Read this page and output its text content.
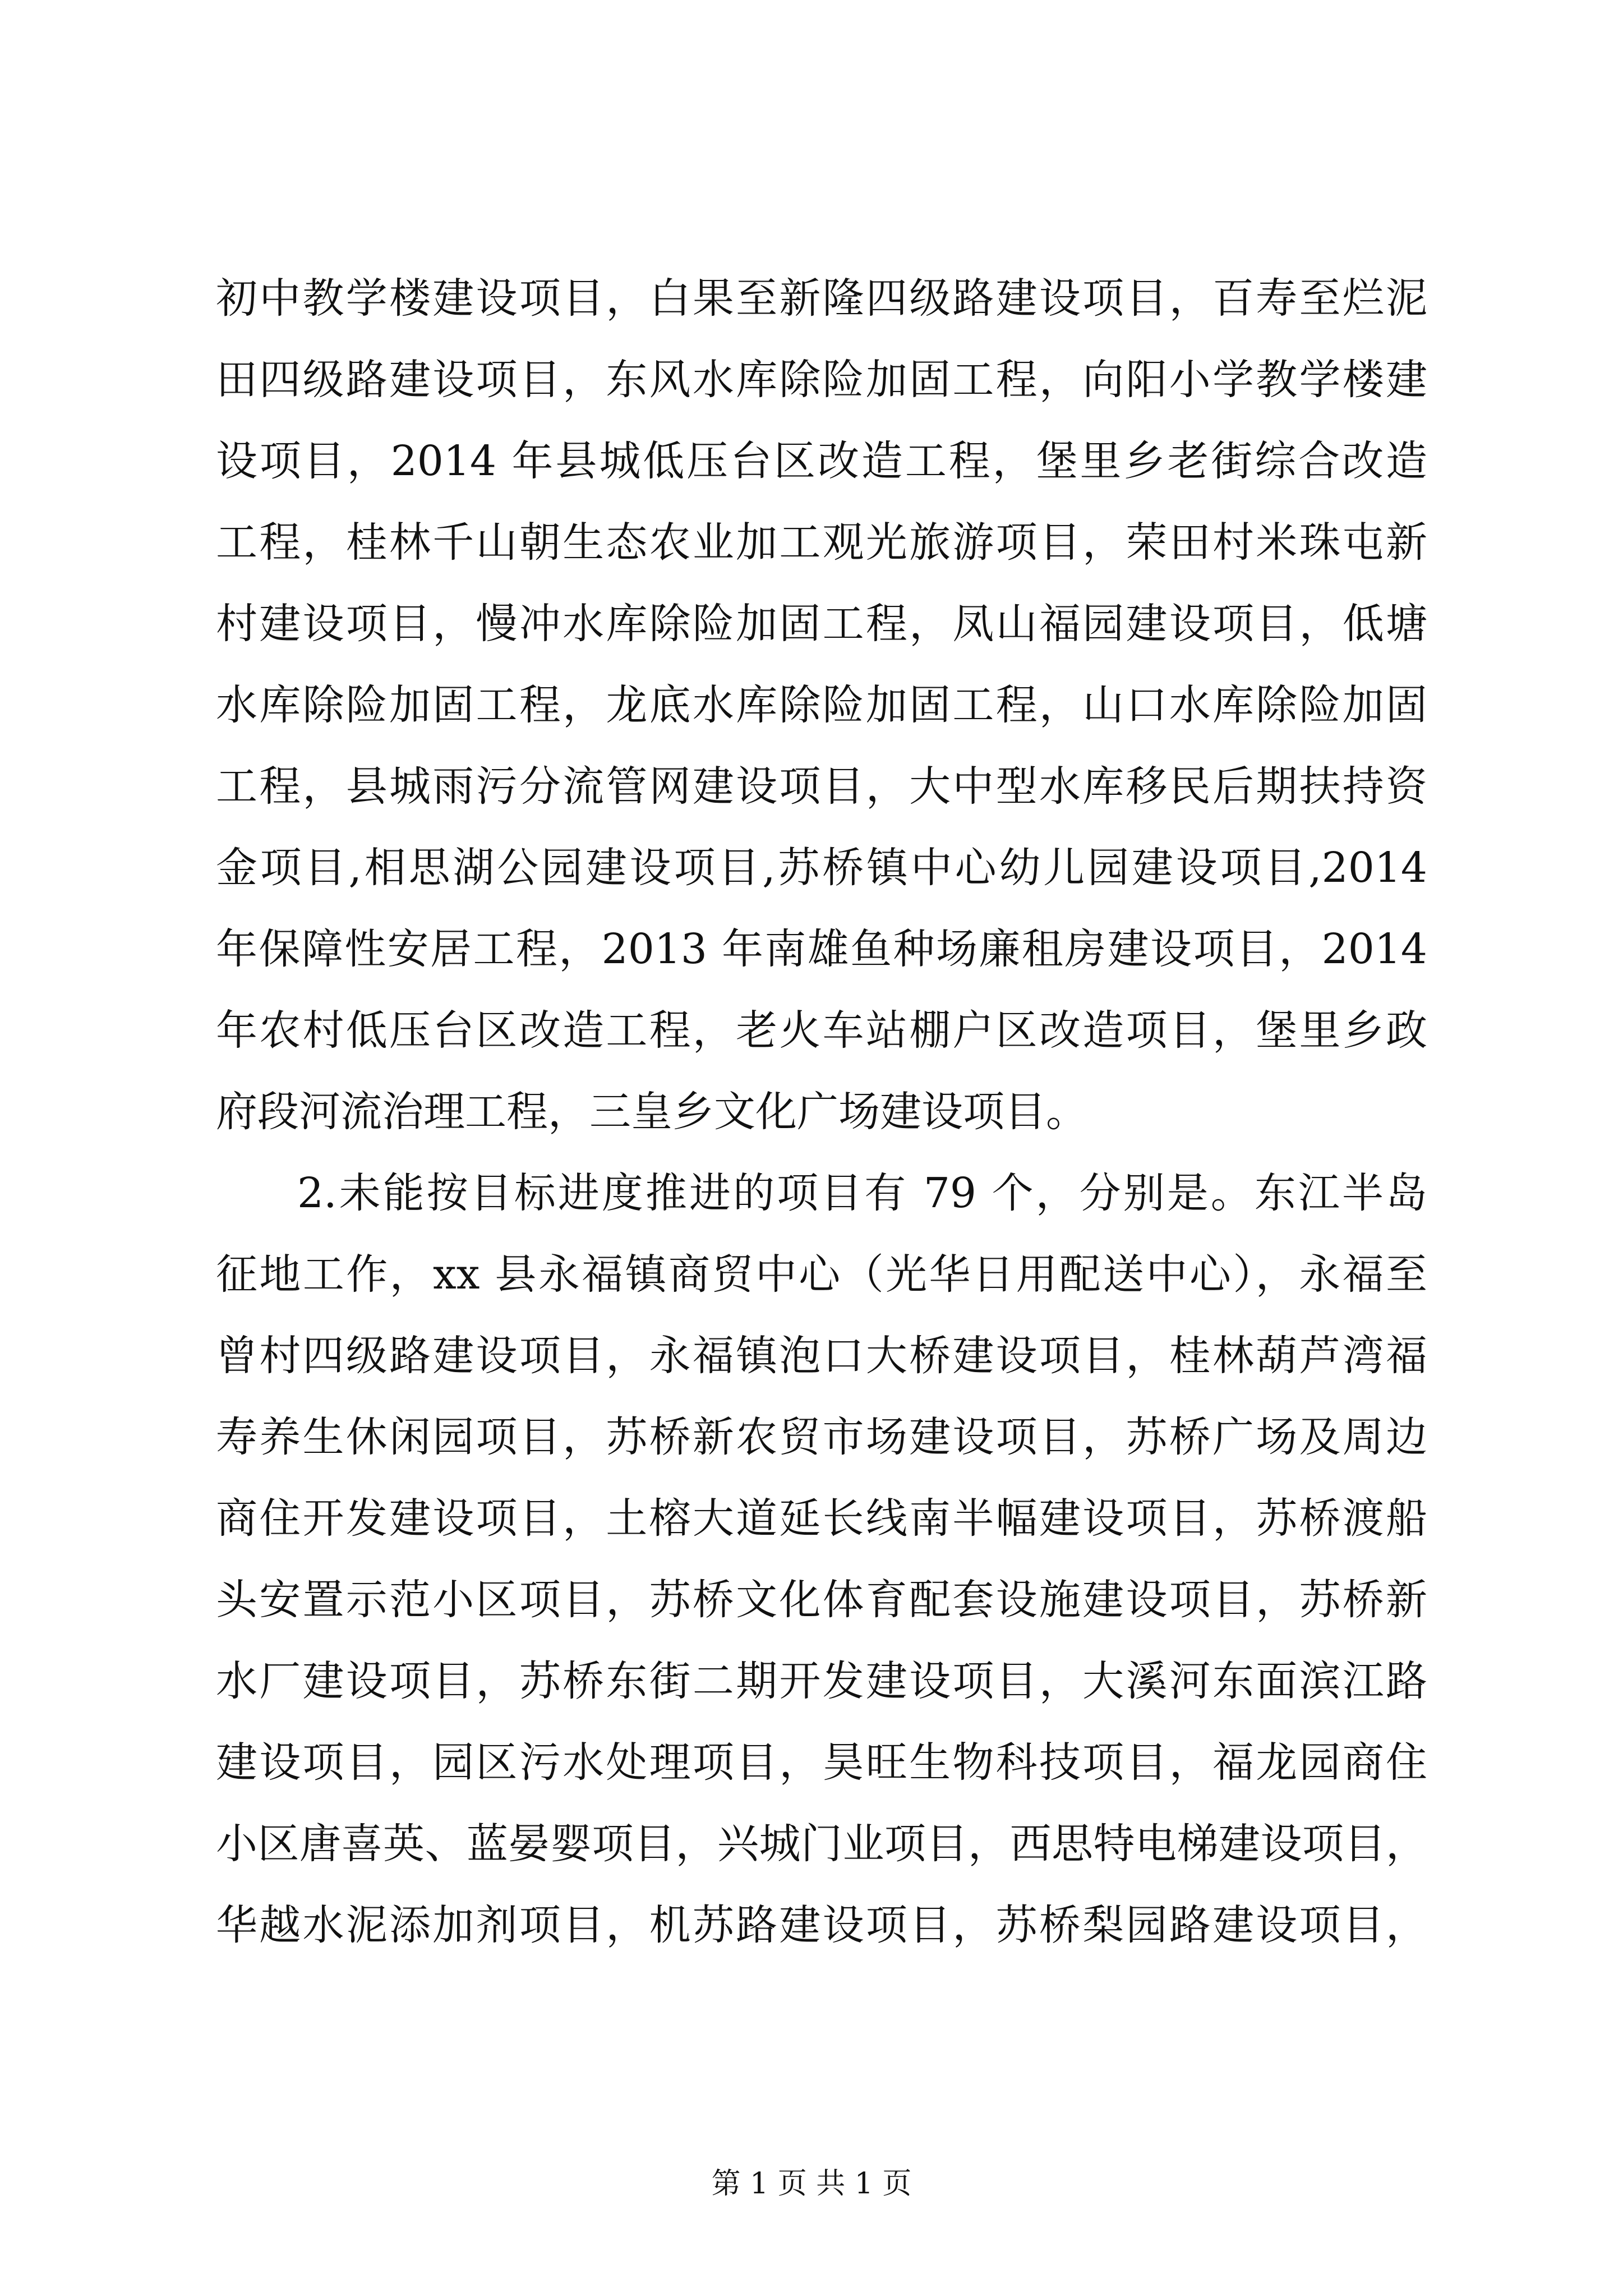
初中教学楼建设项目，白果至新隆四级路建设项目，百寿至烂泥
田四级路建设项目，东风水库除险加固工程，向阳小学教学楼建
设项目，2014 年县城低压台区改造工程，堡里乡老街综合改造
工程，桂林千山朝生态农业加工观光旅游项目，荣田村米珠屯新
村建设项目，慢冲水库除险加固工程，凤山福园建设项目，低塘
水库除险加固工程，龙底水库除险加固工程，山口水库除险加固
工程，县城雨污分流管网建设项目，大中型水库移民后期扶持资
金项目,相思湖公园建设项目,苏桥镇中心幼儿园建设项目,2014
年保障性安居工程，2013 年南雄鱼种场廉租房建设项目，2014
年农村低压台区改造工程，老火车站棚户区改造项目，堡里乡政
府段河流治理工程，三皇乡文化广场建设项目。
2.未能按目标进度推进的项目有 79 个，分别是。东江半岛
征地工作，xx 县永福镇商贸中心（光华日用配送中心），永福至
曾村四级路建设项目，永福镇泡口大桥建设项目，桂林葫芦湾福
寿养生休闲园项目，苏桥新农贸市场建设项目，苏桥广场及周边
商住开发建设项目，土榕大道延长线南半幅建设项目，苏桥渡船
头安置示范小区项目，苏桥文化体育配套设施建设项目，苏桥新
水厂建设项目，苏桥东街二期开发建设项目，大溪河东面滨江路
建设项目，园区污水处理项目，昊旺生物科技项目，福龙园商住
小区唐喜英、蓝晏婴项目，兴城门业项目，西思特电梯建设项目，
华越水泥添加剂项目，机苏路建设项目，苏桥梨园路建设项目，
第 1 页 共 1 页
